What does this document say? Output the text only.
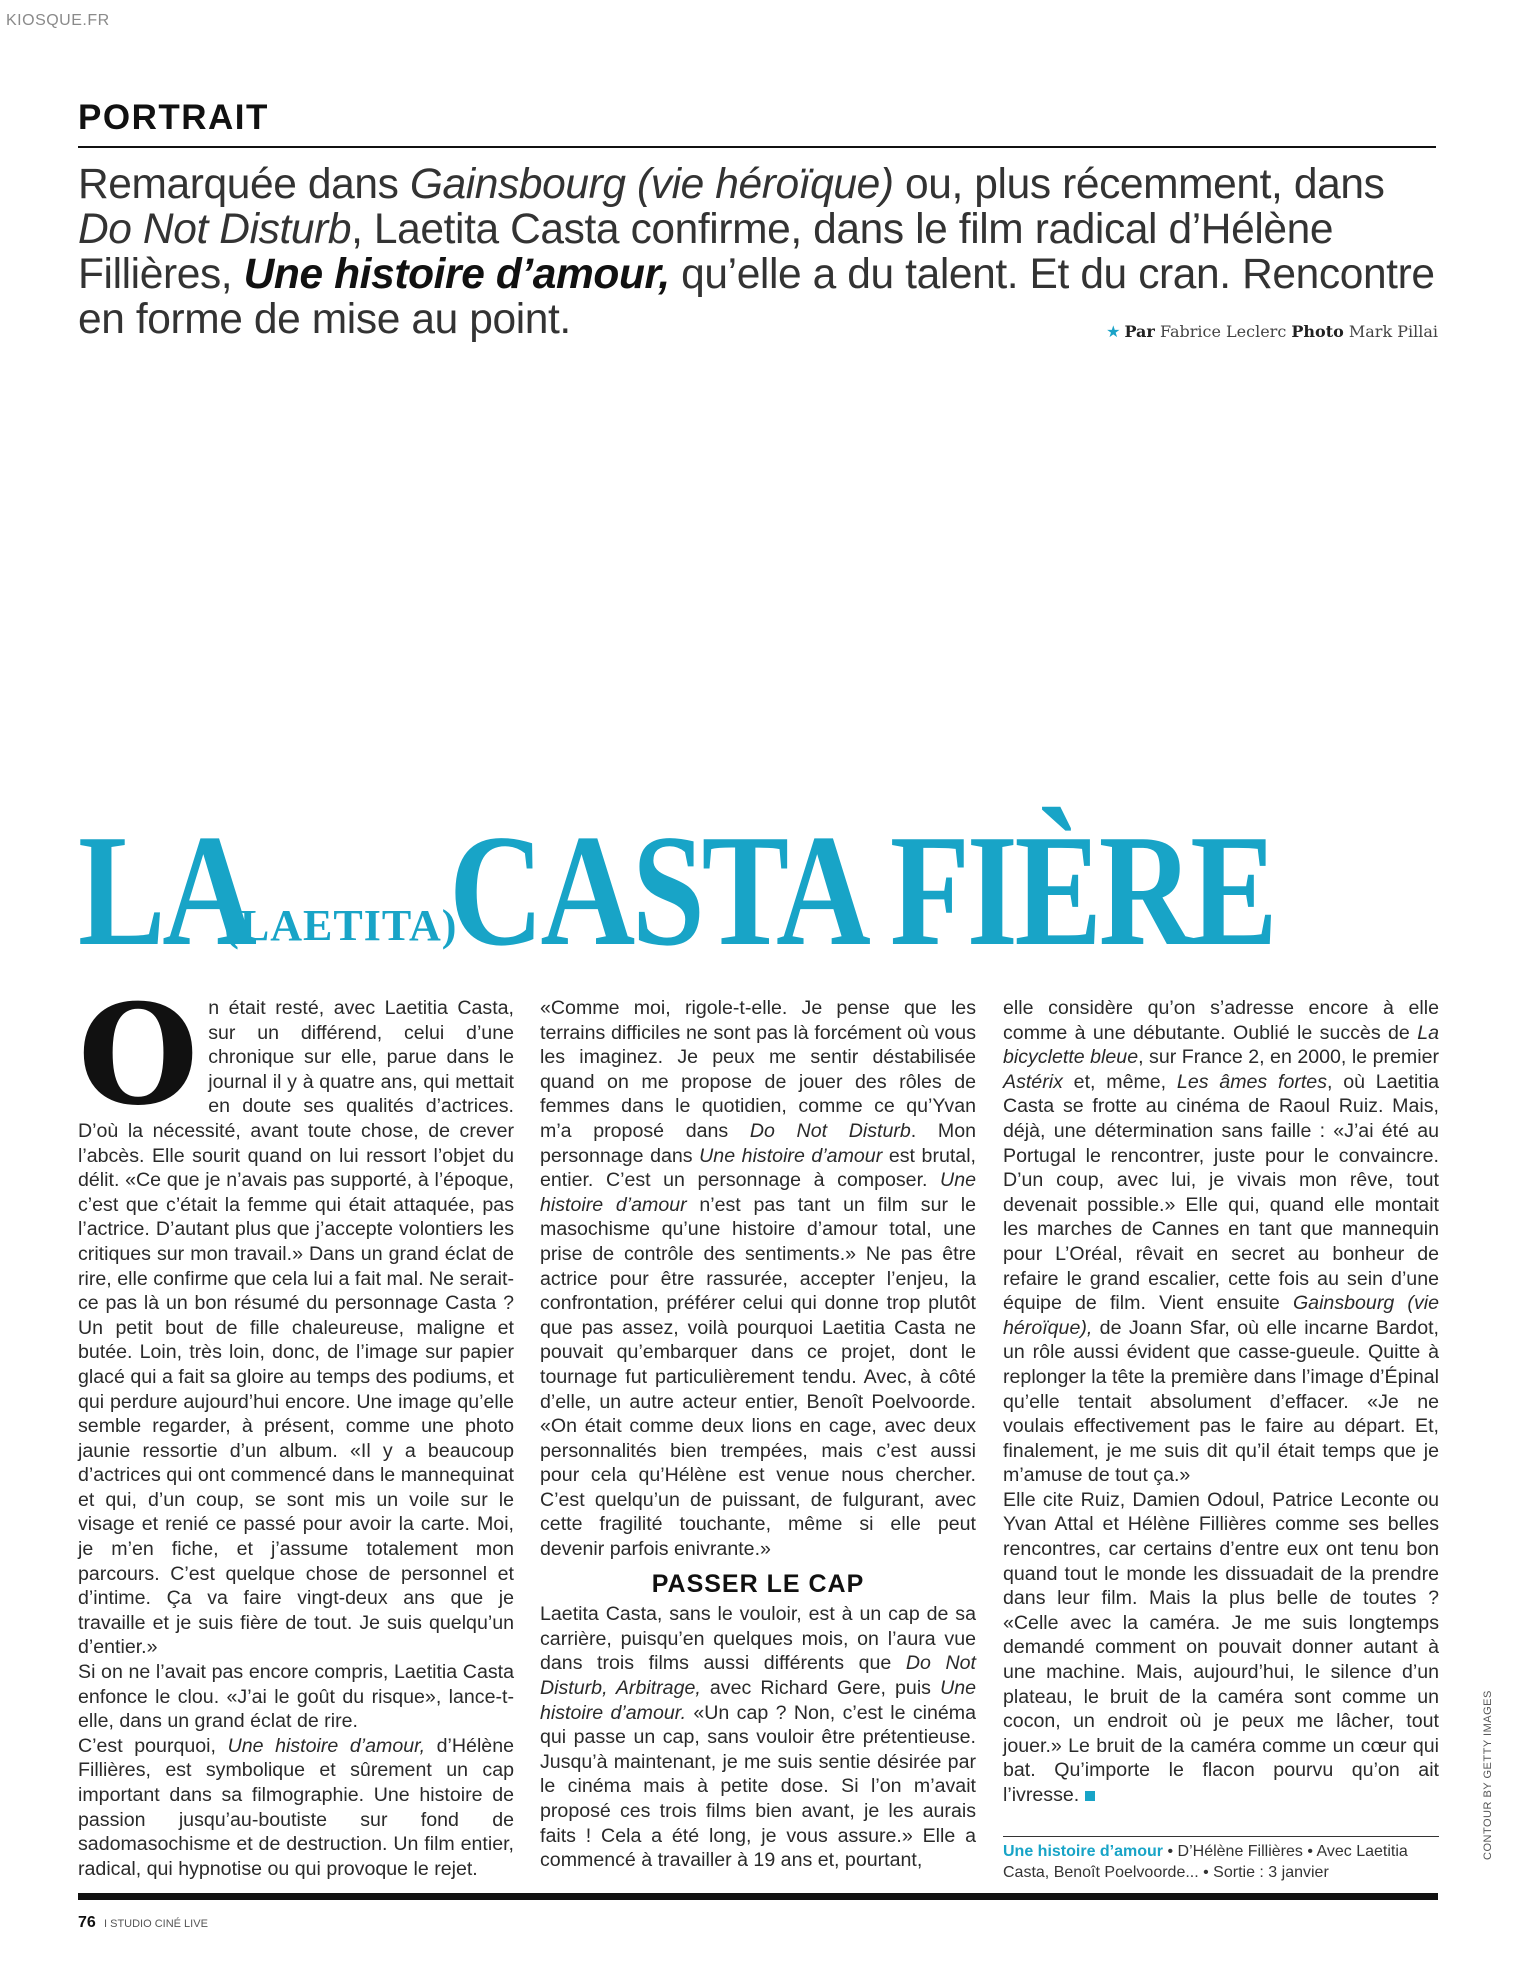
KIOSQUE.FR
PORTRAIT
Remarquée dans Gainsbourg (vie héroïque) ou, plus récemment, dans Do Not Disturb, Laetita Casta confirme, dans le film radical d’Hélène Fillières, Une histoire d’amour, qu’elle a du talent. Et du cran. Rencontre en forme de mise au point.	★ Par Fabrice Leclerc Photo Mark Pillai
LA(LAETITA)CASTA FIÈRE

On était resté, avec Laetitia Casta, sur un différend, celui d’une chronique sur elle, parue dans le journal il y à quatre ans, qui mettait en doute ses qualités d’actrices. D’où la nécessité, avant toute chose, de crever l’abcès. Elle sourit quand on lui ressort l’objet du délit. «Ce que je n’avais pas supporté, à l’époque, c’est que c’était la femme qui était attaquée, pas l’actrice. D’autant plus que j’accepte volontiers les critiques sur mon travail.» Dans un grand éclat de rire, elle confirme que cela lui a fait mal. Ne serait-ce pas là un bon résumé du personnage Casta ? Un petit bout de fille chaleureuse, maligne et butée. Loin, très loin, donc, de l’image sur papier glacé qui a fait sa gloire au temps des podiums, et qui perdure aujourd’hui encore. Une image qu’elle semble regarder, à présent, comme une photo jaunie ressortie d’un album. «Il y a beaucoup d’actrices qui ont commencé dans le mannequinat et qui, d’un coup, se sont mis un voile sur le visage et renié ce passé pour avoir la carte. Moi, je m’en fiche, et j’assume totalement mon parcours. C’est quelque chose de personnel et d’intime. Ça va faire vingt-deux ans que je travaille et je suis fière de tout. Je suis quelqu’un d’entier.»

Si on ne l’avait pas encore compris, Laetitia Casta enfonce le clou. «J’ai le goût du risque», lance-t-elle, dans un grand éclat de rire.

C’est pourquoi, Une histoire d’amour, d’Hélène Fillières, est symbolique et sûrement un cap important dans sa filmographie. Une histoire de passion jusqu’au-boutiste sur fond de sadomasochisme et de destruction. Un film entier, radical, qui hypnotise ou qui provoque le rejet.

«Comme moi, rigole-t-elle. Je pense que les terrains difficiles ne sont pas là forcément où vous les imaginez. Je peux me sentir déstabilisée quand on me propose de jouer des rôles de femmes dans le quotidien, comme ce qu’Yvan m’a proposé dans Do Not Disturb. Mon personnage dans Une histoire d’amour est brutal, entier. C’est un personnage à composer. Une histoire d’amour n’est pas tant un film sur le masochisme qu’une histoire d’amour total, une prise de contrôle des sentiments.» Ne pas être actrice pour être rassurée, accepter l’enjeu, la confrontation, préférer celui qui donne trop plutôt que pas assez, voilà pourquoi Laetitia Casta ne pouvait qu’embarquer dans ce projet, dont le tournage fut particulièrement tendu. Avec, à côté d’elle, un autre acteur entier, Benoît Poelvoorde. «On était comme deux lions en cage, avec deux personnalités bien trempées, mais c’est aussi pour cela qu’Hélène est venue nous chercher. C’est quelqu’un de puissant, de fulgurant, avec cette fragilité touchante, même si elle peut devenir parfois enivrante.»

PASSER LE CAP

Laetita Casta, sans le vouloir, est à un cap de sa carrière, puisqu’en quelques mois, on l’aura vue dans trois films aussi différents que Do Not Disturb, Arbitrage, avec Richard Gere, puis Une histoire d’amour. «Un cap ? Non, c’est le cinéma qui passe un cap, sans vouloir être prétentieuse. Jusqu’à maintenant, je me suis sentie désirée par le cinéma mais à petite dose. Si l’on m’avait proposé ces trois films bien avant, je les aurais faits ! Cela a été long, je vous assure.» Elle a commencé à travailler à 19 ans et, pourtant,

elle considère qu’on s’adresse encore à elle comme à une débutante. Oublié le succès de La bicyclette bleue, sur France 2, en 2000, le premier Astérix et, même, Les âmes fortes, où Laetitia Casta se frotte au cinéma de Raoul Ruiz. Mais, déjà, une détermination sans faille : «J’ai été au Portugal le rencontrer, juste pour le convaincre. D’un coup, avec lui, je vivais mon rêve, tout devenait possible.» Elle qui, quand elle montait les marches de Cannes en tant que mannequin pour L’Oréal, rêvait en secret au bonheur de refaire le grand escalier, cette fois au sein d’une équipe de film. Vient ensuite Gainsbourg (vie héroïque), de Joann Sfar, où elle incarne Bardot, un rôle aussi évident que casse-gueule. Quitte à replonger la tête la première dans l’image d’Épinal qu’elle tentait absolument d’effacer. «Je ne voulais effectivement pas le faire au départ. Et, finalement, je me suis dit qu’il était temps que je m’amuse de tout ça.»

Elle cite Ruiz, Damien Odoul, Patrice Leconte ou Yvan Attal et Hélène Fillières comme ses belles rencontres, car certains d’entre eux ont tenu bon quand tout le monde les dissuadait de la prendre dans leur film. Mais la plus belle de toutes ? «Celle avec la caméra. Je me suis longtemps demandé comment on pouvait donner autant à une machine. Mais, aujourd’hui, le silence d’un plateau, le bruit de la caméra sont comme un cocon, un endroit où je peux me lâcher, tout jouer.» Le bruit de la caméra comme un cœur qui bat. Qu’importe le flacon pourvu qu’on ait l’ivresse.

Une histoire d’amour • D’Hélène Fillières • Avec Laetitia Casta, Benoît Poelvoorde... • Sortie : 3 janvier
76 I STUDIO CINÉ LIVE
CONTOUR BY GETTY IMAGES
